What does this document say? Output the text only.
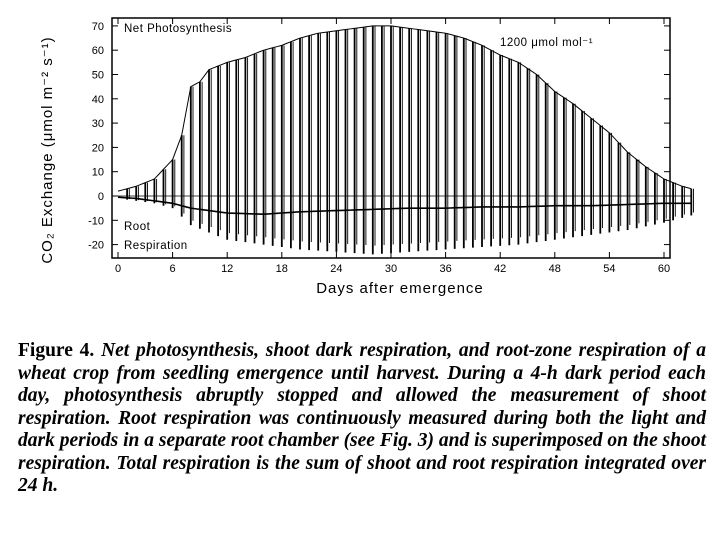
0	6	12	18	24	30	36	42	48	54	60
70
60
50
40
30
20
10
0
-10
-20
Net Photosynthesis
1200 μmol mol⁻¹
Root
Respiration
Days after emergence
CO₂ Exchange (μmol m⁻² s⁻¹)
Figure 4. Net photosynthesis, shoot dark respiration, and root-zone respiration of a wheat crop from seedling emergence until harvest. During a 4-h dark period each day, photosynthesis abruptly stopped and allowed the measurement of shoot respiration. Root respiration was continuously measured during both the light and dark periods in a separate root chamber (see Fig. 3) and is superimposed on the shoot respiration. Total respiration is the sum of shoot and root respiration integrated over 24 h.
